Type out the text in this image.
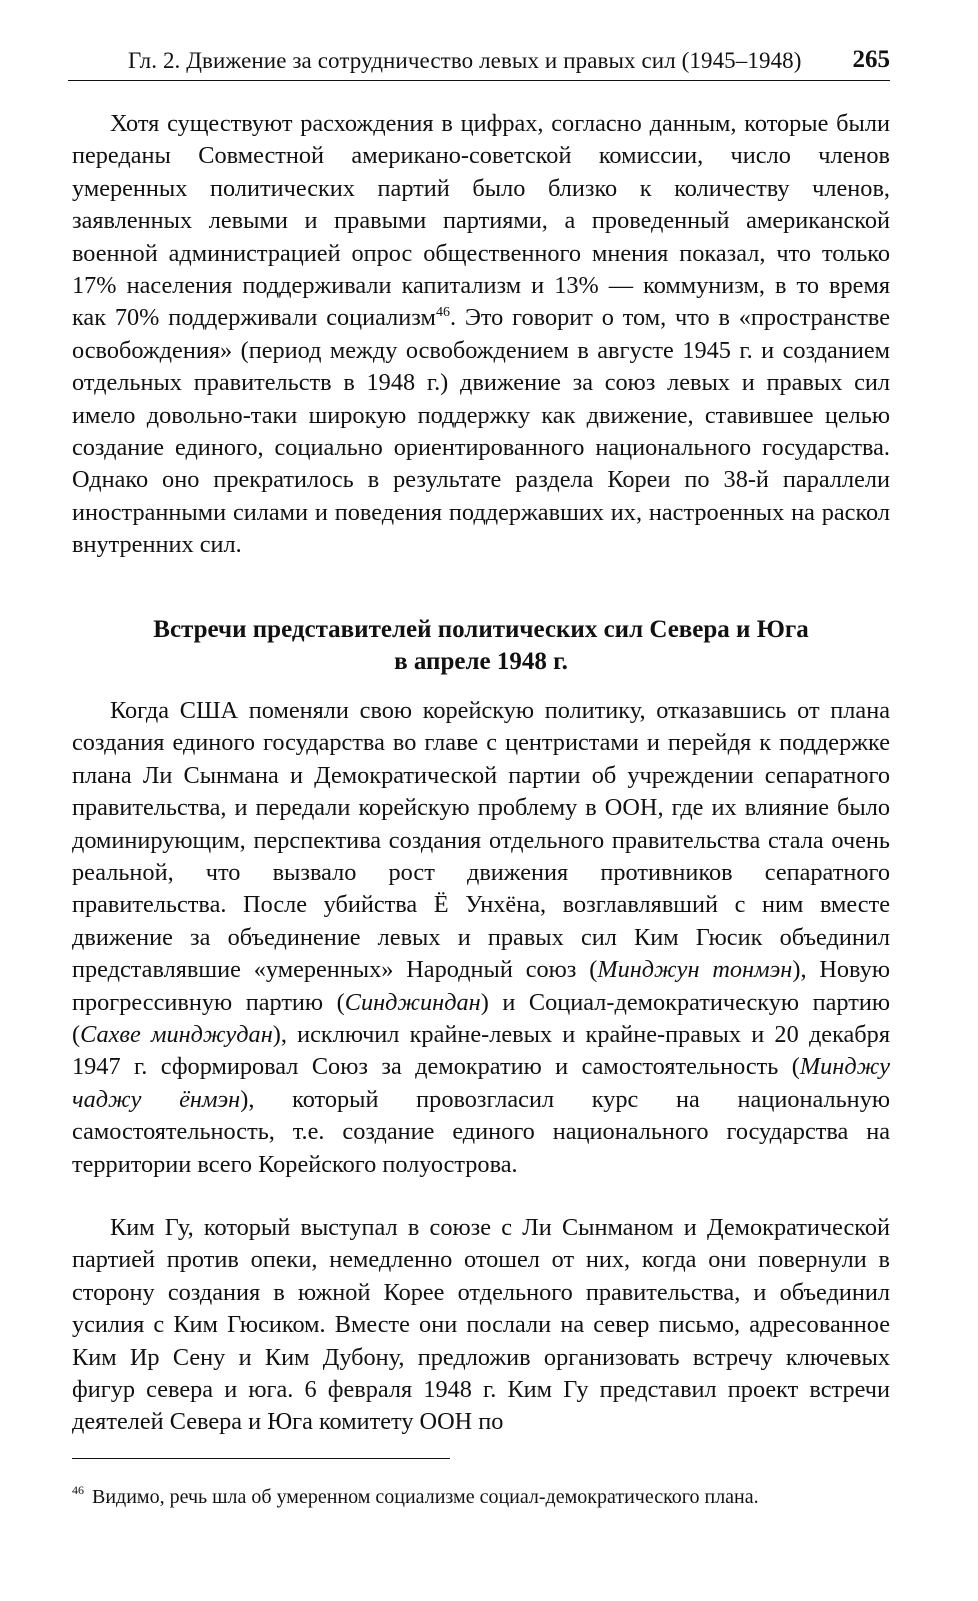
Гл. 2. Движение за сотрудничество левых и правых сил (1945–1948) 265

Хотя существуют расхождения в цифрах, согласно данным, которые были переданы Совместной американо-советской комиссии, число членов умеренных политических партий было близко к количеству членов, заявленных левыми и правыми партиями, а проведенный американской военной администрацией опрос общественного мнения показал, что только 17% населения поддерживали капитализм и 13% — коммунизм, в то время как 70% поддерживали социализм$^{46}$. Это говорит о том, что в «пространстве освобождения» (период между освобождением в августе 1945 г. и созданием отдельных правительств в 1948 г.) движение за союз левых и правых сил имело довольно-таки широкую поддержку как движение, ставившее целью создание единого, социально ориентированного национального государства. Однако оно прекратилось в результате раздела Кореи по 38-й параллели иностранными силами и поведения поддержавших их, настроенных на раскол внутренних сил.

Встречи представителей политических сил Севера и Юга
в апреле 1948 г.

Когда США поменяли свою корейскую политику, отказавшись от плана создания единого государства во главе с центристами и перейдя к поддержке плана Ли Сынмана и Демократической партии об учреждении сепаратного правительства, и передали корейскую проблему в ООН, где их влияние было доминирующим, перспектива создания отдельного правительства стала очень реальной, что вызвало рост движения противников сепаратного правительства. После убийства Ё Унхёна, возглавлявший с ним вместе движение за объединение левых и правых сил Ким Гюсик объединил представлявшие «умеренных» Народный союз (Минджун тонмэн), Новую прогрессивную партию (Синджиндан) и Социал-демократическую партию (Сахве минджудан), исключил крайне-левых и крайне-правых и 20 декабря 1947 г. сформировал Союз за демократию и самостоятельность (Минджу чаджу ёнмэн), который провозгласил курс на национальную самостоятельность, т.е. создание единого национального государства на территории всего Корейского полуострова.

Ким Гу, который выступал в союзе с Ли Сынманом и Демократической партией против опеки, немедленно отошел от них, когда они повернули в сторону создания в южной Корее отдельного правительства, и объединил усилия с Ким Гюсиком. Вместе они послали на север письмо, адресованное Ким Ир Сену и Ким Дубону, предложив организовать встречу ключевых фигур севера и юга. 6 февраля 1948 г. Ким Гу представил проект встречи деятелей Севера и Юга комитету ООН по

$^{46}$ Видимо, речь шла об умеренном социализме социал-демократического плана.
